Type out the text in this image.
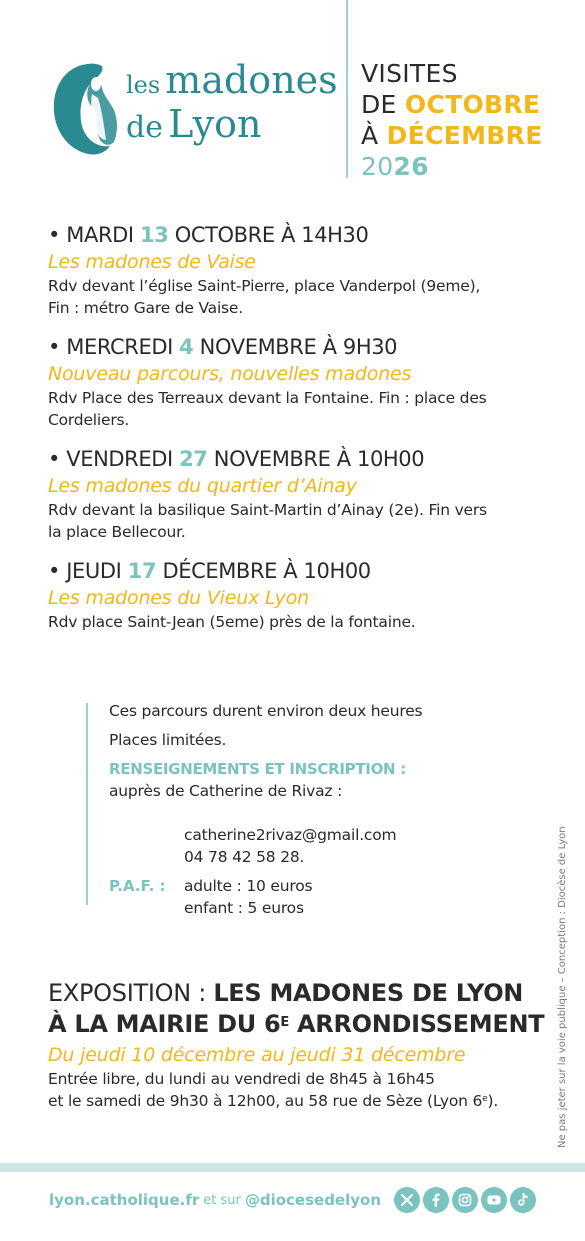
les madones
de Lyon
VISITES
DE OCTOBRE
À DÉCEMBRE
2026
• MARDI 13 OCTOBRE À 14H30
Les madones de Vaise
Rdv devant l’église Saint-Pierre, place Vanderpol (9eme),
Fin : métro Gare de Vaise.
• MERCREDI 4 NOVEMBRE À 9H30
Nouveau parcours, nouvelles madones
Rdv Place des Terreaux devant la Fontaine. Fin : place des
Cordeliers.
• VENDREDI 27 NOVEMBRE À 10H00
Les madones du quartier d’Ainay
Rdv devant la basilique Saint-Martin d’Ainay (2e). Fin vers
la place Bellecour.
• JEUDI 17 DÉCEMBRE À 10H00
Les madones du Vieux Lyon
Rdv place Saint-Jean (5eme) près de la fontaine.

Ces parcours durent environ deux heures

Places limitées.

RENSEIGNEMENTS ET INSCRIPTION :

auprès de Catherine de Rivaz :

catherine2rivaz@gmail.com

04 78 42 58 28.

P.A.F. :	adulte : 10 euros

enfant : 5 euros

EXPOSITION : LES MADONES DE LYON
À LA MAIRIE DU $6^E$ ARRONDISSEMENT
Du jeudi 10 décembre au jeudi 31 décembre
Entrée libre, du lundi au vendredi de 8h45 à 16h45
et le samedi de 9h30 à 12h00, au 58 rue de Sèze (Lyon 6e).	Ne pas jeter sur la voie publique – Conception : Diocèse de Lyon
lyon.catholique.fr et sur @diocesedelyon
